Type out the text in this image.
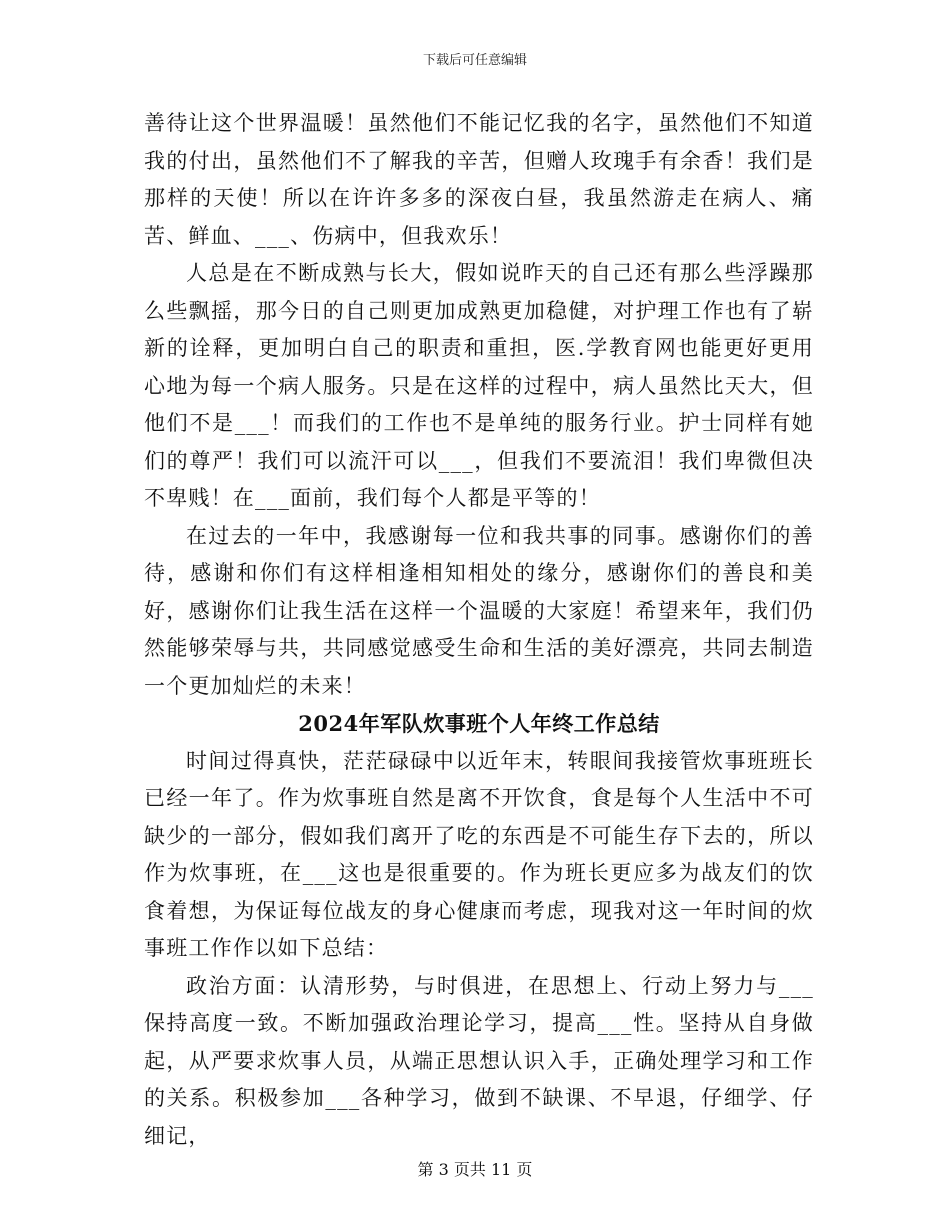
下载后可任意编辑

善待让这个世界温暖！虽然他们不能记忆我的名字，虽然他们不知道我的付出，虽然他们不了解我的辛苦，但赠人玫瑰手有余香！我们是那样的天使！所以在许许多多的深夜白昼，我虽然游走在病人、痛苦、鲜血、___、伤病中，但我欢乐！

人总是在不断成熟与长大，假如说昨天的自己还有那么些浮躁那么些飘摇，那今日的自己则更加成熟更加稳健，对护理工作也有了崭新的诠释，更加明白自己的职责和重担，医.学教育网也能更好更用心地为每一个病人服务。只是在这样的过程中，病人虽然比天大，但他们不是___！而我们的工作也不是单纯的服务行业。护士同样有她们的尊严！我们可以流汗可以___，但我们不要流泪！我们卑微但决不卑贱！在___面前，我们每个人都是平等的！

在过去的一年中，我感谢每一位和我共事的同事。感谢你们的善待，感谢和你们有这样相逢相知相处的缘分，感谢你们的善良和美好，感谢你们让我生活在这样一个温暖的大家庭！希望来年，我们仍然能够荣辱与共，共同感觉感受生命和生活的美好漂亮，共同去制造一个更加灿烂的未来！

2024年军队炊事班个人年终工作总结

时间过得真快，茫茫碌碌中以近年末，转眼间我接管炊事班班长已经一年了。作为炊事班自然是离不开饮食，食是每个人生活中不可缺少的一部分，假如我们离开了吃的东西是不可能生存下去的，所以作为炊事班，在___这也是很重要的。作为班长更应多为战友们的饮食着想，为保证每位战友的身心健康而考虑，现我对这一年时间的炊事班工作作以如下总结：

政治方面：认清形势，与时俱进，在思想上、行动上努力与___保持高度一致。不断加强政治理论学习，提高___性。坚持从自身做起，从严要求炊事人员，从端正思想认识入手，正确处理学习和工作的关系。积极参加___各种学习，做到不缺课、不早退，仔细学、仔细记，

第 3 页共 11 页
